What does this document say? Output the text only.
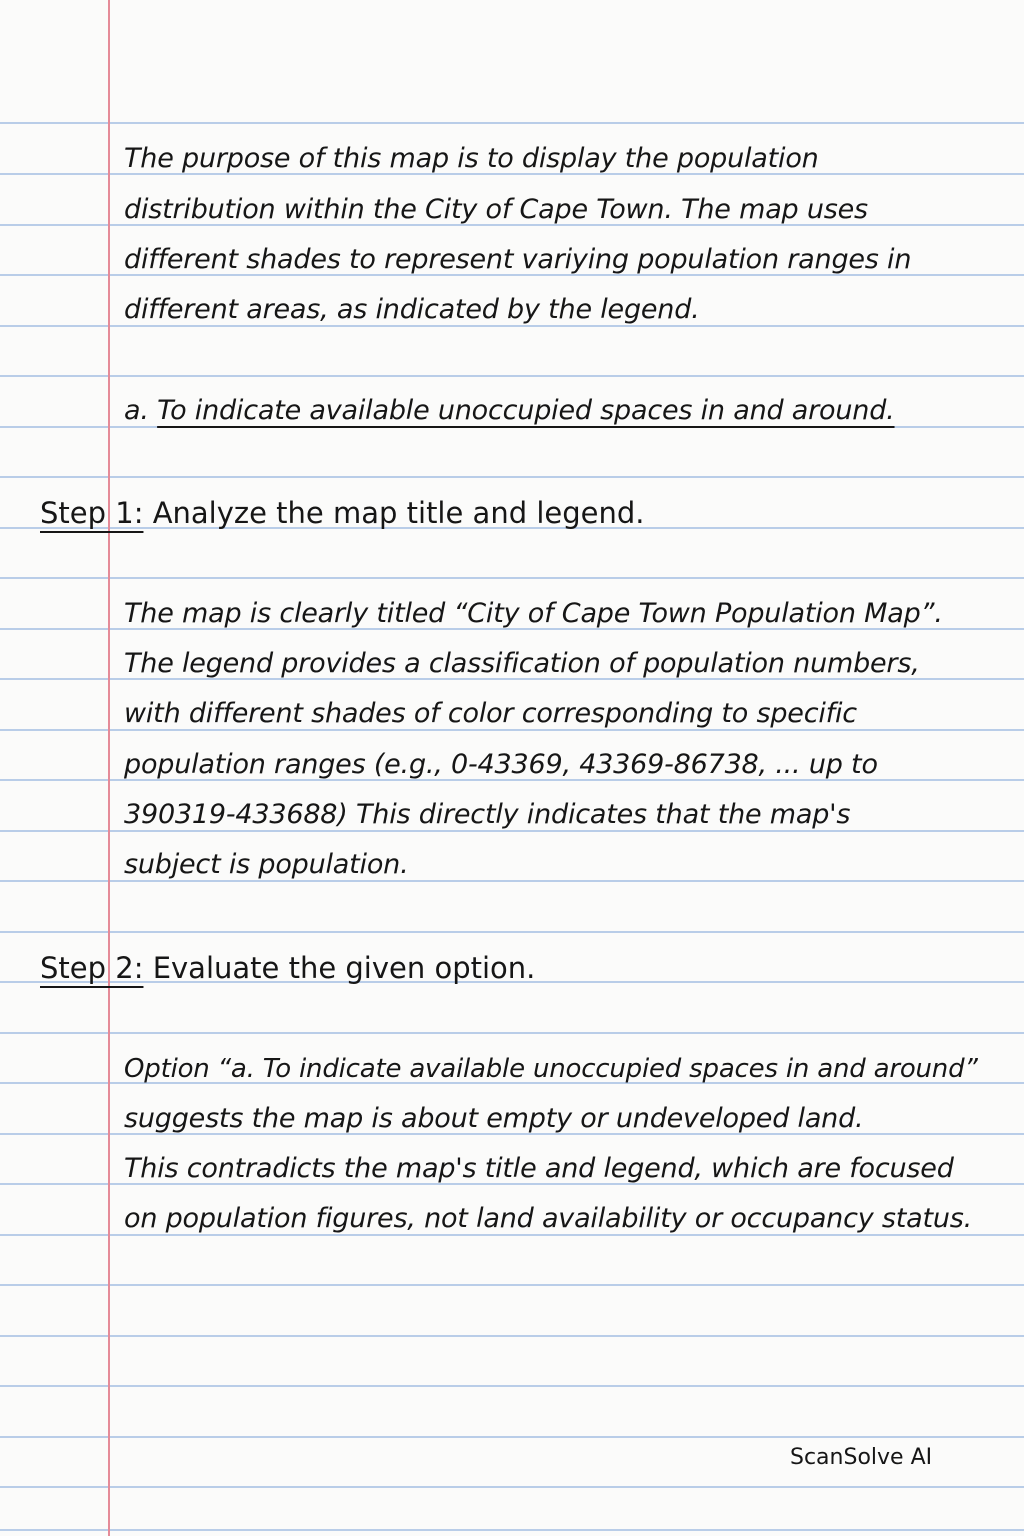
The purpose of this map is to display the population
distribution within the City of Cape Town. The map uses
different shades to represent variying population ranges in
different areas, as indicated by the legend.
a. To indicate available unoccupied spaces in and around.
Step 1: Analyze the map title and legend.
The map is clearly titled “City of Cape Town Population Map”.
The legend provides a classification of population numbers,
with different shades of color corresponding to specific
population ranges (e.g., 0-43369, 43369-86738, ... up to
390319-433688) This directly indicates that the map's
subject is population.
Step 2: Evaluate the given option.
Option “a. To indicate available unoccupied spaces in and around”
suggests the map is about empty or undeveloped land.
This contradicts the map's title and legend, which are focused
on population figures, not land availability or occupancy status.
ScanSolve AI
